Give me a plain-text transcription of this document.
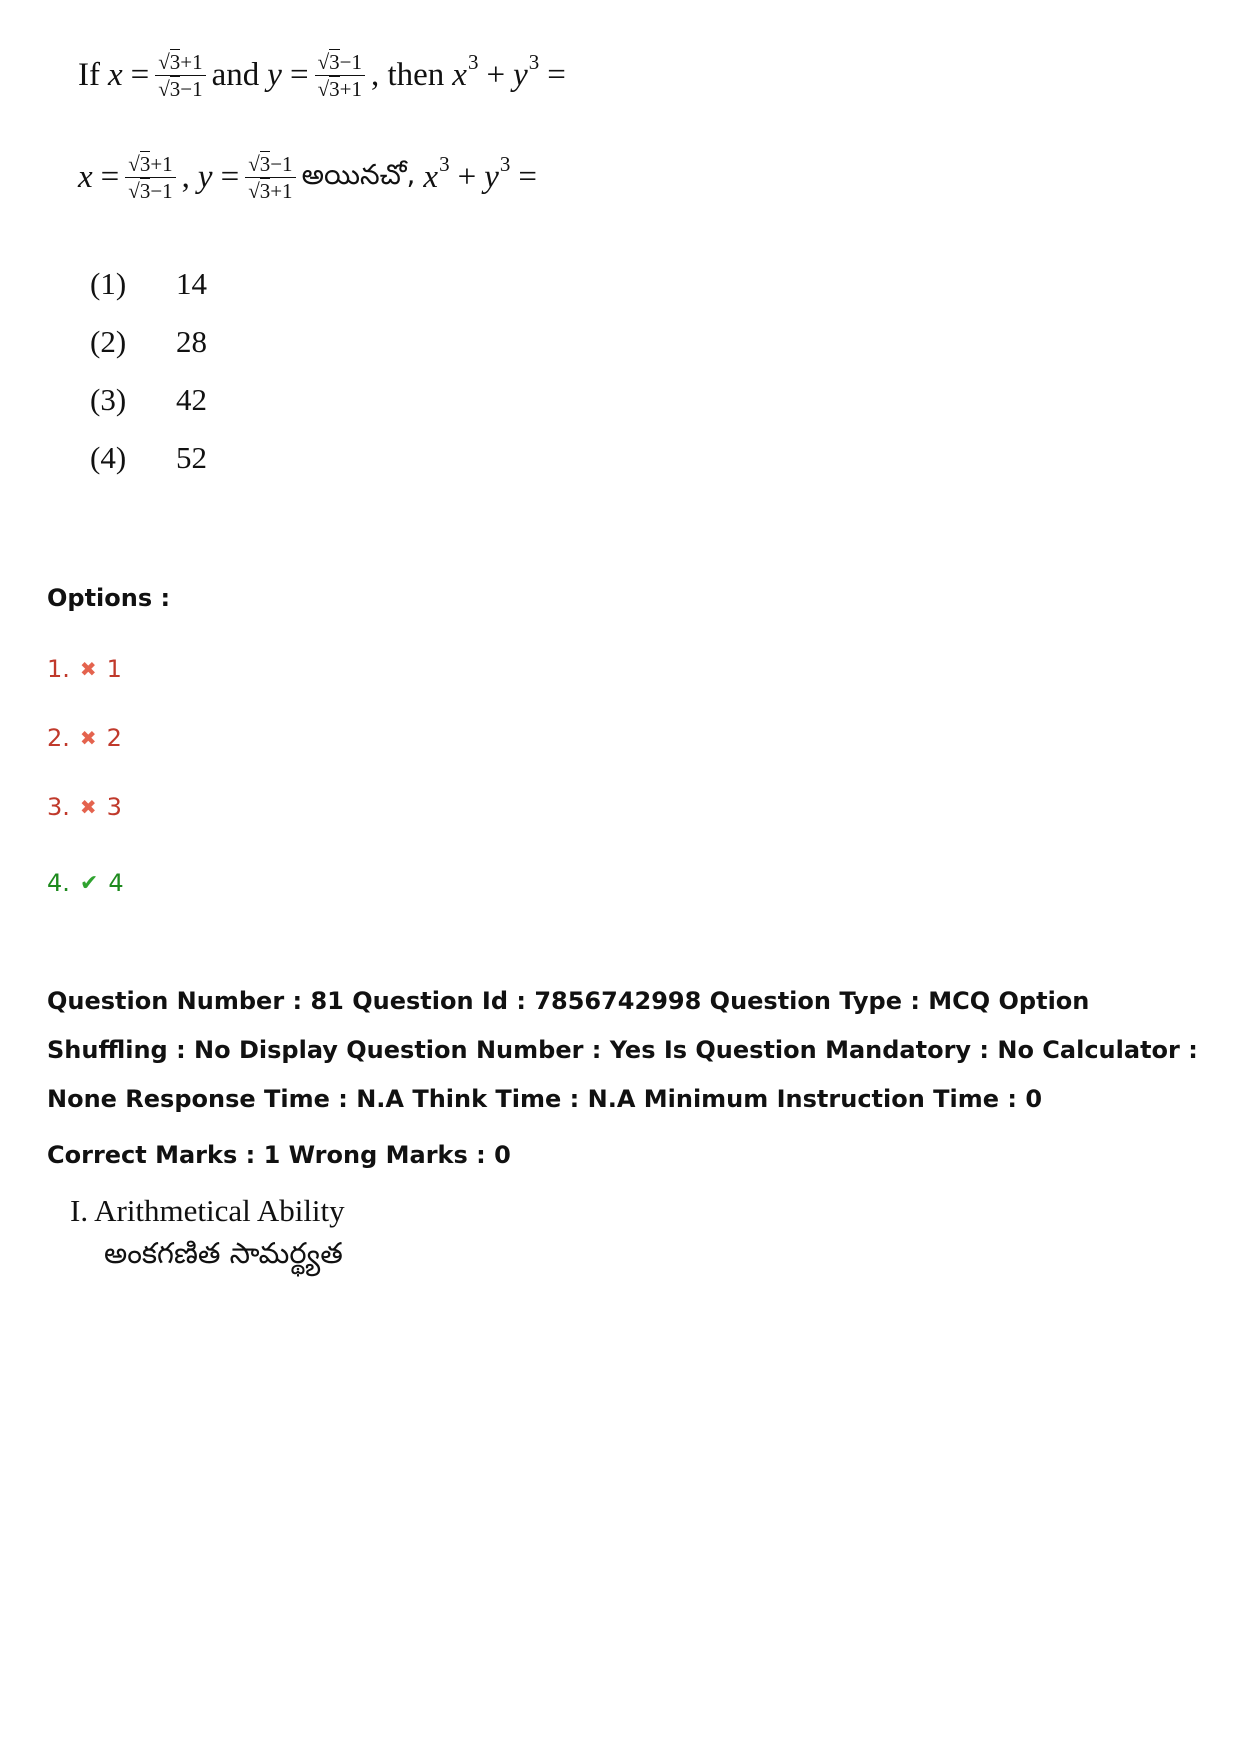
If $x = \frac{√3+1}{√3-1}$ and $y = \frac{√3-1}{√3+1}$ , then x 3 + y 3 =
$x = \frac{√3+1}{√3-1}$ , $y = \frac{√3-1}{√3+1}$ అయినచో, x 3 + y 3 =
(1)	14
(2)	28
(3)	42
(4)	52
Options :
1. ✖ 1
2. ✖ 2
3. ✖ 3
4. ✔ 4
Question Number : 81 Question Id : 7856742998 Question Type : MCQ Option Shuffling : No Display Question Number : Yes Is Question Mandatory : No Calculator : None Response Time : N.A Think Time : N.A Minimum Instruction Time : 0
Correct Marks : 1 Wrong Marks : 0
I. Arithmetical Ability
అంకగణిత సామర్థ్యత
